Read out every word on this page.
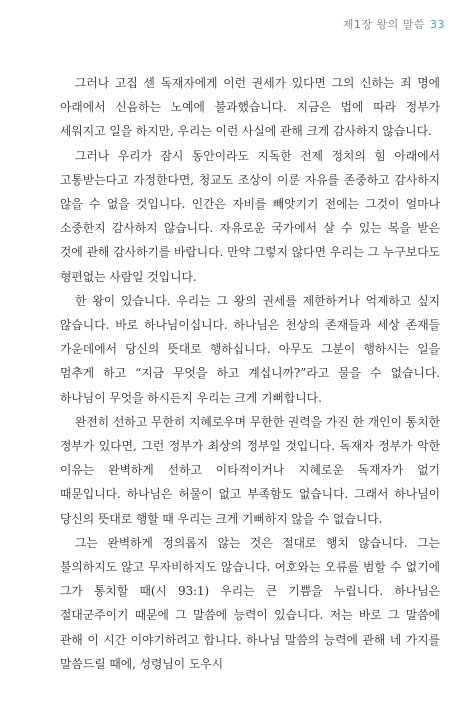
제1장 왕의 말씀 33

그러나 고집 센 독재자에게 이런 권세가 있다면 그의 신하는 죄 명에 아래에서 신음하는 노예에 불과했습니다. 지금은 법에 따라 정부가 세워지고 일을 하지만, 우리는 이런 사실에 관해 크게 감사하지 않습니다.

그러나 우리가 잠시 동안이라도 지독한 전제 정치의 힘 아래에서 고통받는다고 가정한다면, 청교도 조상이 이룬 자유를 존중하고 감사하지 않을 수 없을 것입니다. 인간은 자비를 빼앗기기 전에는 그것이 얼마나 소중한지 감사하지 않습니다. 자유로운 국가에서 살 수 있는 복을 받은 것에 관해 감사하기를 바랍니다. 만약 그렇지 않다면 우리는 그 누구보다도 형편없는 사람일 것입니다.

한 왕이 있습니다. 우리는 그 왕의 권세를 제한하거나 억제하고 싶지 않습니다. 바로 하나님이십니다. 하나님은 천상의 존재들과 세상 존재들 가운데에서 당신의 뜻대로 행하십니다. 아무도 그분이 행하시는 일을 멈추게 하고 “지금 무엇을 하고 계십니까?”라고 물을 수 없습니다. 하나님이 무엇을 하시든지 우리는 크게 기뻐합니다.

완전히 선하고 무한히 지혜로우며 무한한 권력을 가진 한 개인이 통치한 정부가 있다면, 그런 정부가 최상의 정부일 것입니다. 독재자 정부가 악한 이유는 완벽하게 선하고 이타적이거나 지혜로운 독재자가 없기 때문입니다. 하나님은 허물이 없고 부족함도 없습니다. 그래서 하나님이 당신의 뜻대로 행할 때 우리는 크게 기뻐하지 않을 수 없습니다.

그는 완벽하게 정의롭지 않는 것은 절대로 행치 않습니다. 그는 불의하지도 않고 무자비하지도 않습니다. 여호와는 오류를 범할 수 없기에 그가 통치할 때(시 93:1) 우리는 큰 기쁨을 누립니다. 하나님은 절대군주이기 때문에 그 말씀에 능력이 있습니다. 저는 바로 그 말씀에 관해 이 시간 이야기하려고 합니다. 하나님 말씀의 능력에 관해 네 가지를 말씀드릴 때에, 성령님이 도우시
